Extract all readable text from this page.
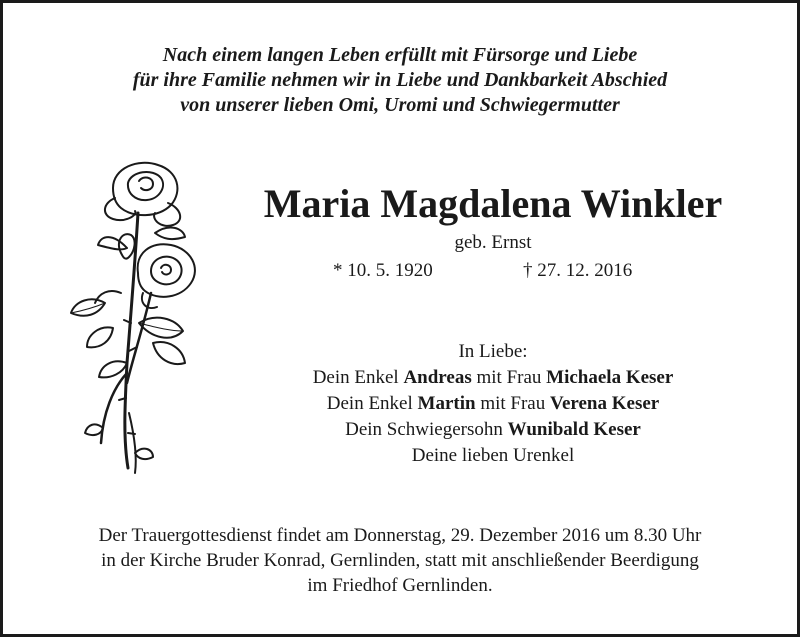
Nach einem langen Leben erfüllt mit Fürsorge und Liebe
für ihre Familie nehmen wir in Liebe und Dankbarkeit Abschied
von unserer lieben Omi, Uromi und Schwiegermutter
Maria Magdalena Winkler
geb. Ernst
* 10. 5. 1920	† 27. 12. 2016
In Liebe:
Dein Enkel Andreas mit Frau Michaela Keser
Dein Enkel Martin mit Frau Verena Keser
Dein Schwiegersohn Wunibald Keser
Deine lieben Urenkel
Der Trauergottesdienst findet am Donnerstag, 29. Dezember 2016 um 8.30 Uhr
in der Kirche Bruder Konrad, Gernlinden, statt mit anschließender Beerdigung
im Friedhof Gernlinden.
